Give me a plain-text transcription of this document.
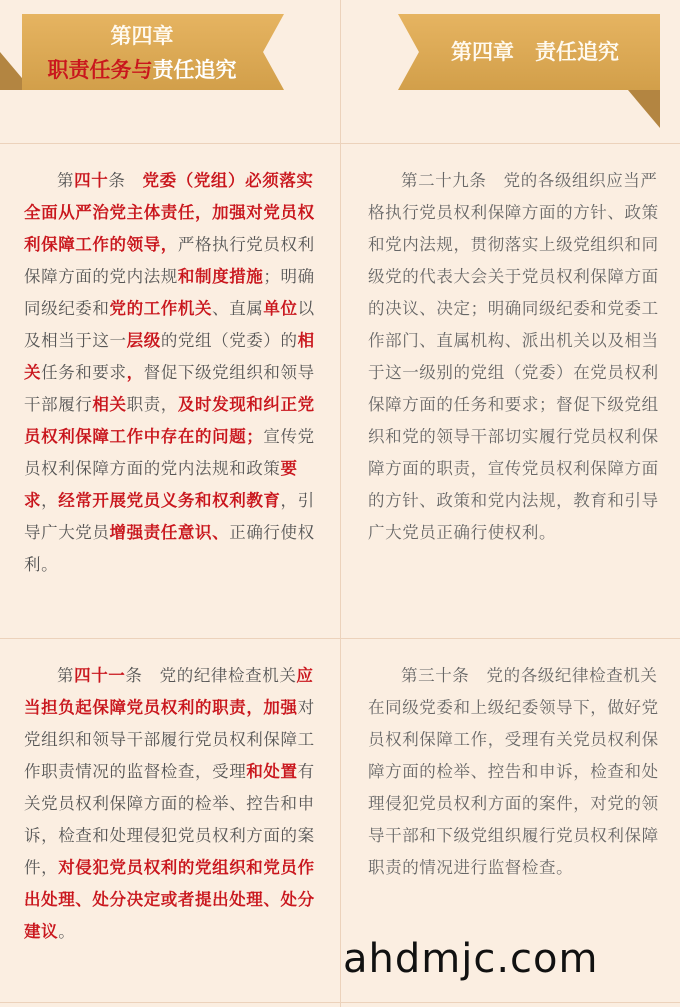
第四章
职责任务与责任追究
第四章　责任追究

第四十条　党委（党组）必须落实全面从严治党主体责任，加强对党员权利保障工作的领导，严格执行党员权利保障方面的党内法规和制度措施；明确同级纪委和党的工作机关、直属单位以及相当于这一层级的党组（党委）的相关任务和要求，督促下级党组织和领导干部履行相关职责，及时发现和纠正党员权利保障工作中存在的问题；宣传党员权利保障方面的党内法规和政策要求，经常开展党员义务和权利教育，引导广大党员增强责任意识、正确行使权利。

第二十九条　党的各级组织应当严格执行党员权利保障方面的方针、政策和党内法规，贯彻落实上级党组织和同级党的代表大会关于党员权利保障方面的决议、决定；明确同级纪委和党委工作部门、直属机构、派出机关以及相当于这一级别的党组（党委）在党员权利保障方面的任务和要求；督促下级党组织和党的领导干部切实履行党员权利保障方面的职责，宣传党员权利保障方面的方针、政策和党内法规，教育和引导广大党员正确行使权利。

第四十一条　党的纪律检查机关应当担负起保障党员权利的职责，加强对党组织和领导干部履行党员权利保障工作职责情况的监督检查，受理和处置有关党员权利保障方面的检举、控告和申诉，检查和处理侵犯党员权利方面的案件，对侵犯党员权利的党组织和党员作出处理、处分决定或者提出处理、处分建议。

第三十条　党的各级纪律检查机关在同级党委和上级纪委领导下，做好党员权利保障工作，受理有关党员权利保障方面的检举、控告和申诉，检查和处理侵犯党员权利方面的案件，对党的领导干部和下级党组织履行党员权利保障职责的情况进行监督检查。

ahdmjc.com
